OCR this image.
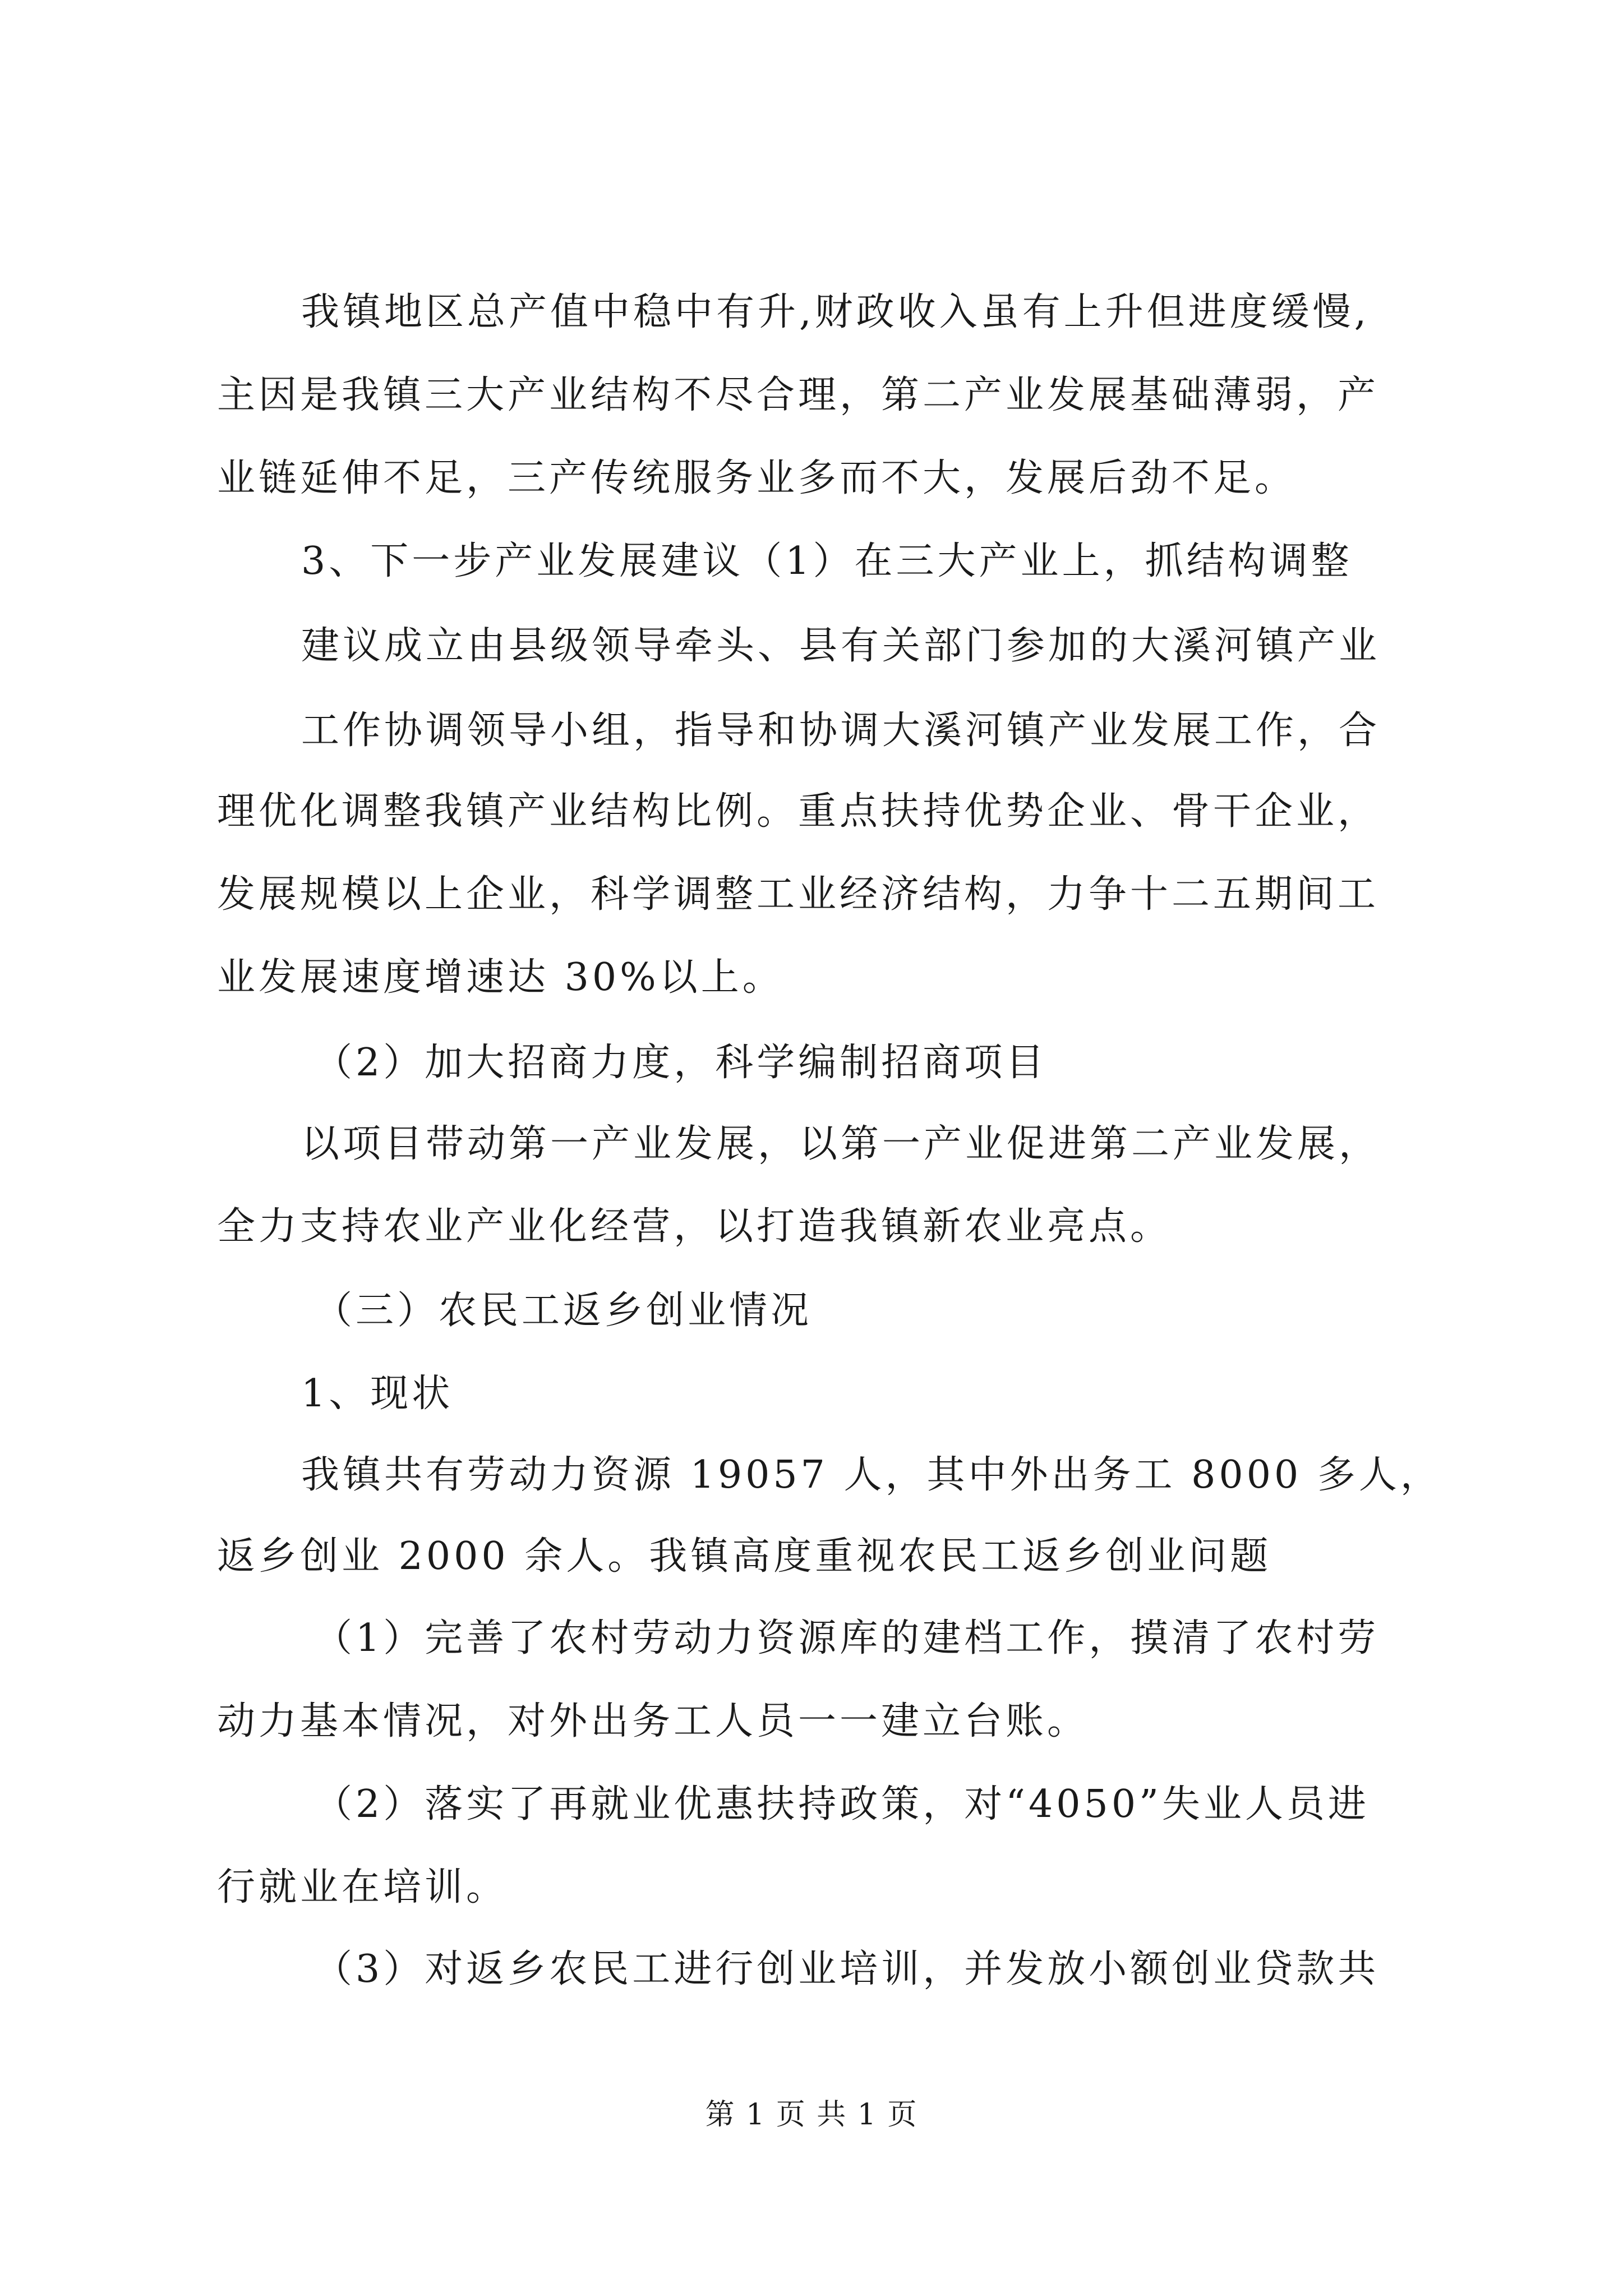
我镇地区总产值中稳中有升,财政收入虽有上升但进度缓慢,
主因是我镇三大产业结构不尽合理，第二产业发展基础薄弱，产
业链延伸不足，三产传统服务业多而不大，发展后劲不足。
3、下一步产业发展建议（1）在三大产业上，抓结构调整
建议成立由县级领导牵头、县有关部门参加的大溪河镇产业
工作协调领导小组，指导和协调大溪河镇产业发展工作，合
理优化调整我镇产业结构比例。重点扶持优势企业、骨干企业，
发展规模以上企业，科学调整工业经济结构，力争十二五期间工
业发展速度增速达 30%以上。
（2）加大招商力度，科学编制招商项目
以项目带动第一产业发展，以第一产业促进第二产业发展，
全力支持农业产业化经营，以打造我镇新农业亮点。
（三）农民工返乡创业情况
1、现状
我镇共有劳动力资源 19057 人，其中外出务工 8000 多人，
返乡创业 2000 余人。我镇高度重视农民工返乡创业问题
（1）完善了农村劳动力资源库的建档工作，摸清了农村劳
动力基本情况，对外出务工人员一一建立台账。
（2）落实了再就业优惠扶持政策，对“4050”失业人员进
行就业在培训。
（3）对返乡农民工进行创业培训，并发放小额创业贷款共
第 1 页 共 1 页
